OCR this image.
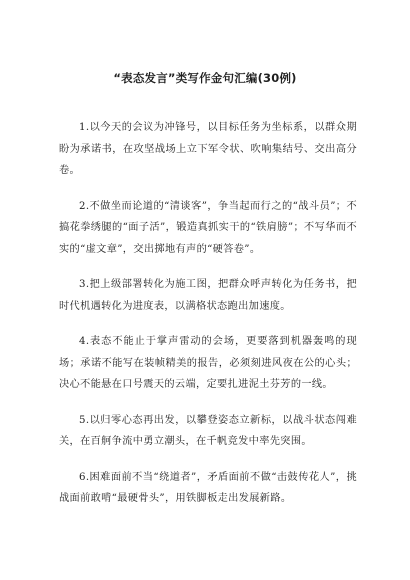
“表态发言”类写作金句汇编(30例)

1.以今天的会议为冲锋号，以目标任务为坐标系，以群众期盼为承诺书，在攻坚战场上立下军令状、吹响集结号、交出高分卷。

2.不做坐而论道的“清谈客”，争当起而行之的“战斗员”；不搞花拳绣腿的“面子活”，锻造真抓实干的“铁肩膀”；不写华而不实的“虚文章”，交出掷地有声的“硬答卷”。

3.把上级部署转化为施工图，把群众呼声转化为任务书，把时代机遇转化为进度表，以满格状态跑出加速度。

4.表态不能止于掌声雷动的会场，更要落到机器轰鸣的现场；承诺不能写在装帧精美的报告，必须刻进风夜在公的心头；决心不能悬在口号震天的云端，定要扎进泥土芬芳的一线。

5.以归零心态再出发，以攀登姿态立新标，以战斗状态闯难关，在百舸争流中勇立潮头，在千帆竞发中率先突围。

6.困难面前不当“绕道者”，矛盾面前不做“击鼓传花人”，挑战面前敢啃“最硬骨头”，用铁脚板走出发展新路。
